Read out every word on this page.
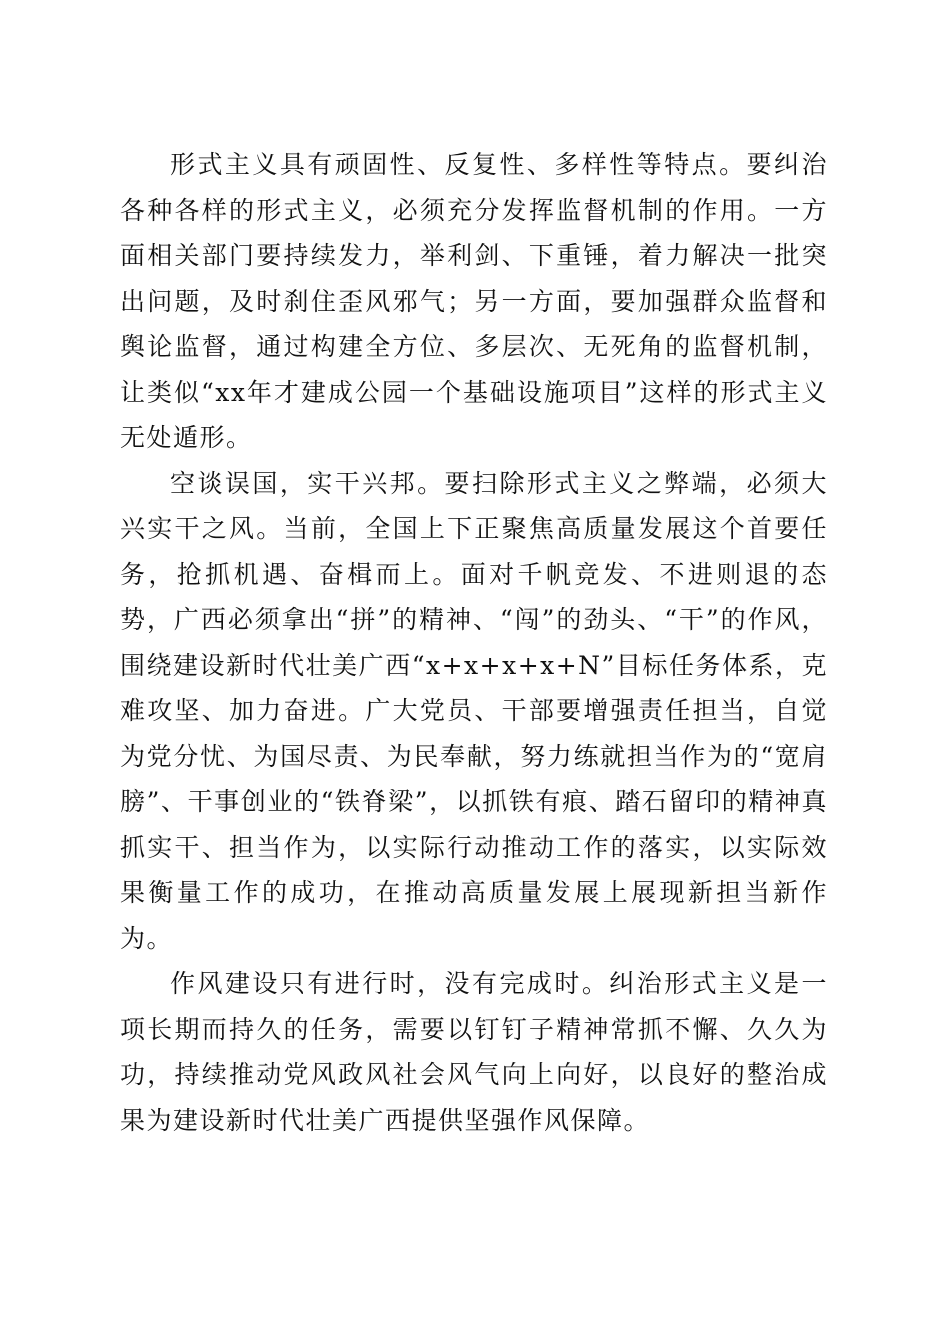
形式主义具有顽固性、反复性、多样性等特点。要纠治各种各样的形式主义，必须充分发挥监督机制的作用。一方面相关部门要持续发力，举利剑、下重锤，着力解决一批突出问题，及时刹住歪风邪气；另一方面，要加强群众监督和舆论监督，通过构建全方位、多层次、无死角的监督机制，让类似“xx年才建成公园一个基础设施项目”这样的形式主义无处遁形。

空谈误国，实干兴邦。要扫除形式主义之弊端，必须大兴实干之风。当前，全国上下正聚焦高质量发展这个首要任务，抢抓机遇、奋楫而上。面对千帆竞发、不进则退的态势，广西必须拿出“拼”的精神、“闯”的劲头、“干”的作风，围绕建设新时代壮美广西“x+x+x+x+N”目标任务体系，克难攻坚、加力奋进。广大党员、干部要增强责任担当，自觉为党分忧、为国尽责、为民奉献，努力练就担当作为的“宽肩膀”、干事创业的“铁脊梁”，以抓铁有痕、踏石留印的精神真抓实干、担当作为，以实际行动推动工作的落实，以实际效果衡量工作的成功，在推动高质量发展上展现新担当新作为。

作风建设只有进行时，没有完成时。纠治形式主义是一项长期而持久的任务，需要以钉钉子精神常抓不懈、久久为功，持续推动党风政风社会风气向上向好，以良好的整治成果为建设新时代壮美广西提供坚强作风保障。
